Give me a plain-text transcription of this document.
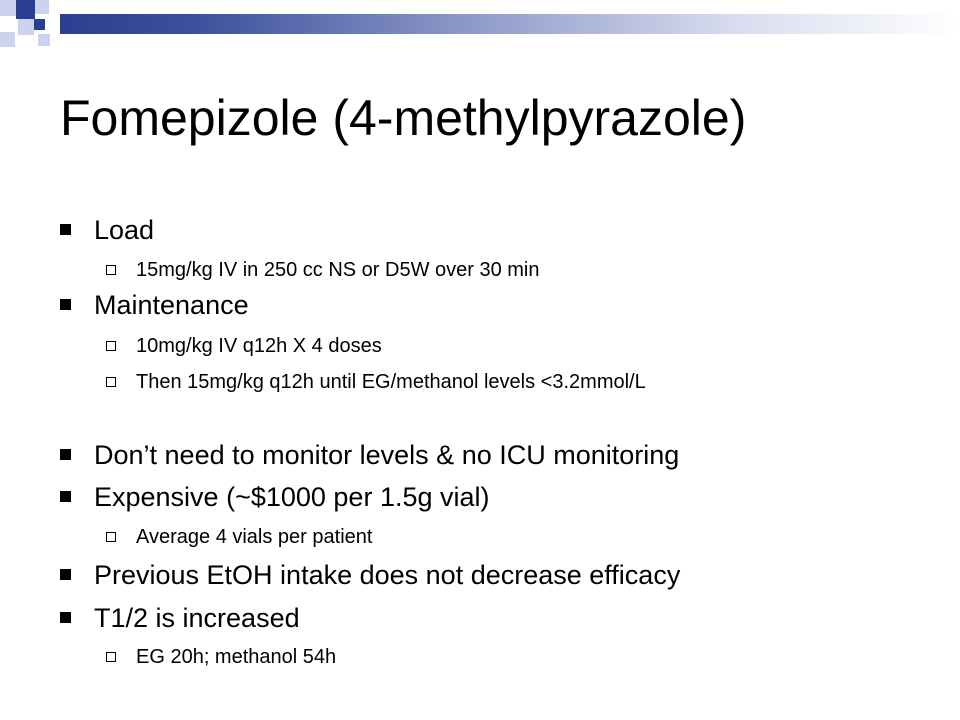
Fomepizole (4-methylpyrazole)
Load
15mg/kg IV in 250 cc NS or D5W over 30 min
Maintenance
10mg/kg IV q12h X 4 doses
Then 15mg/kg q12h until EG/methanol levels <3.2mmol/L
Don’t need to monitor levels & no ICU monitoring
Expensive (~$1000 per 1.5g vial)
Average 4 vials per patient
Previous EtOH intake does not decrease efficacy
T1/2 is increased
EG 20h; methanol 54h
